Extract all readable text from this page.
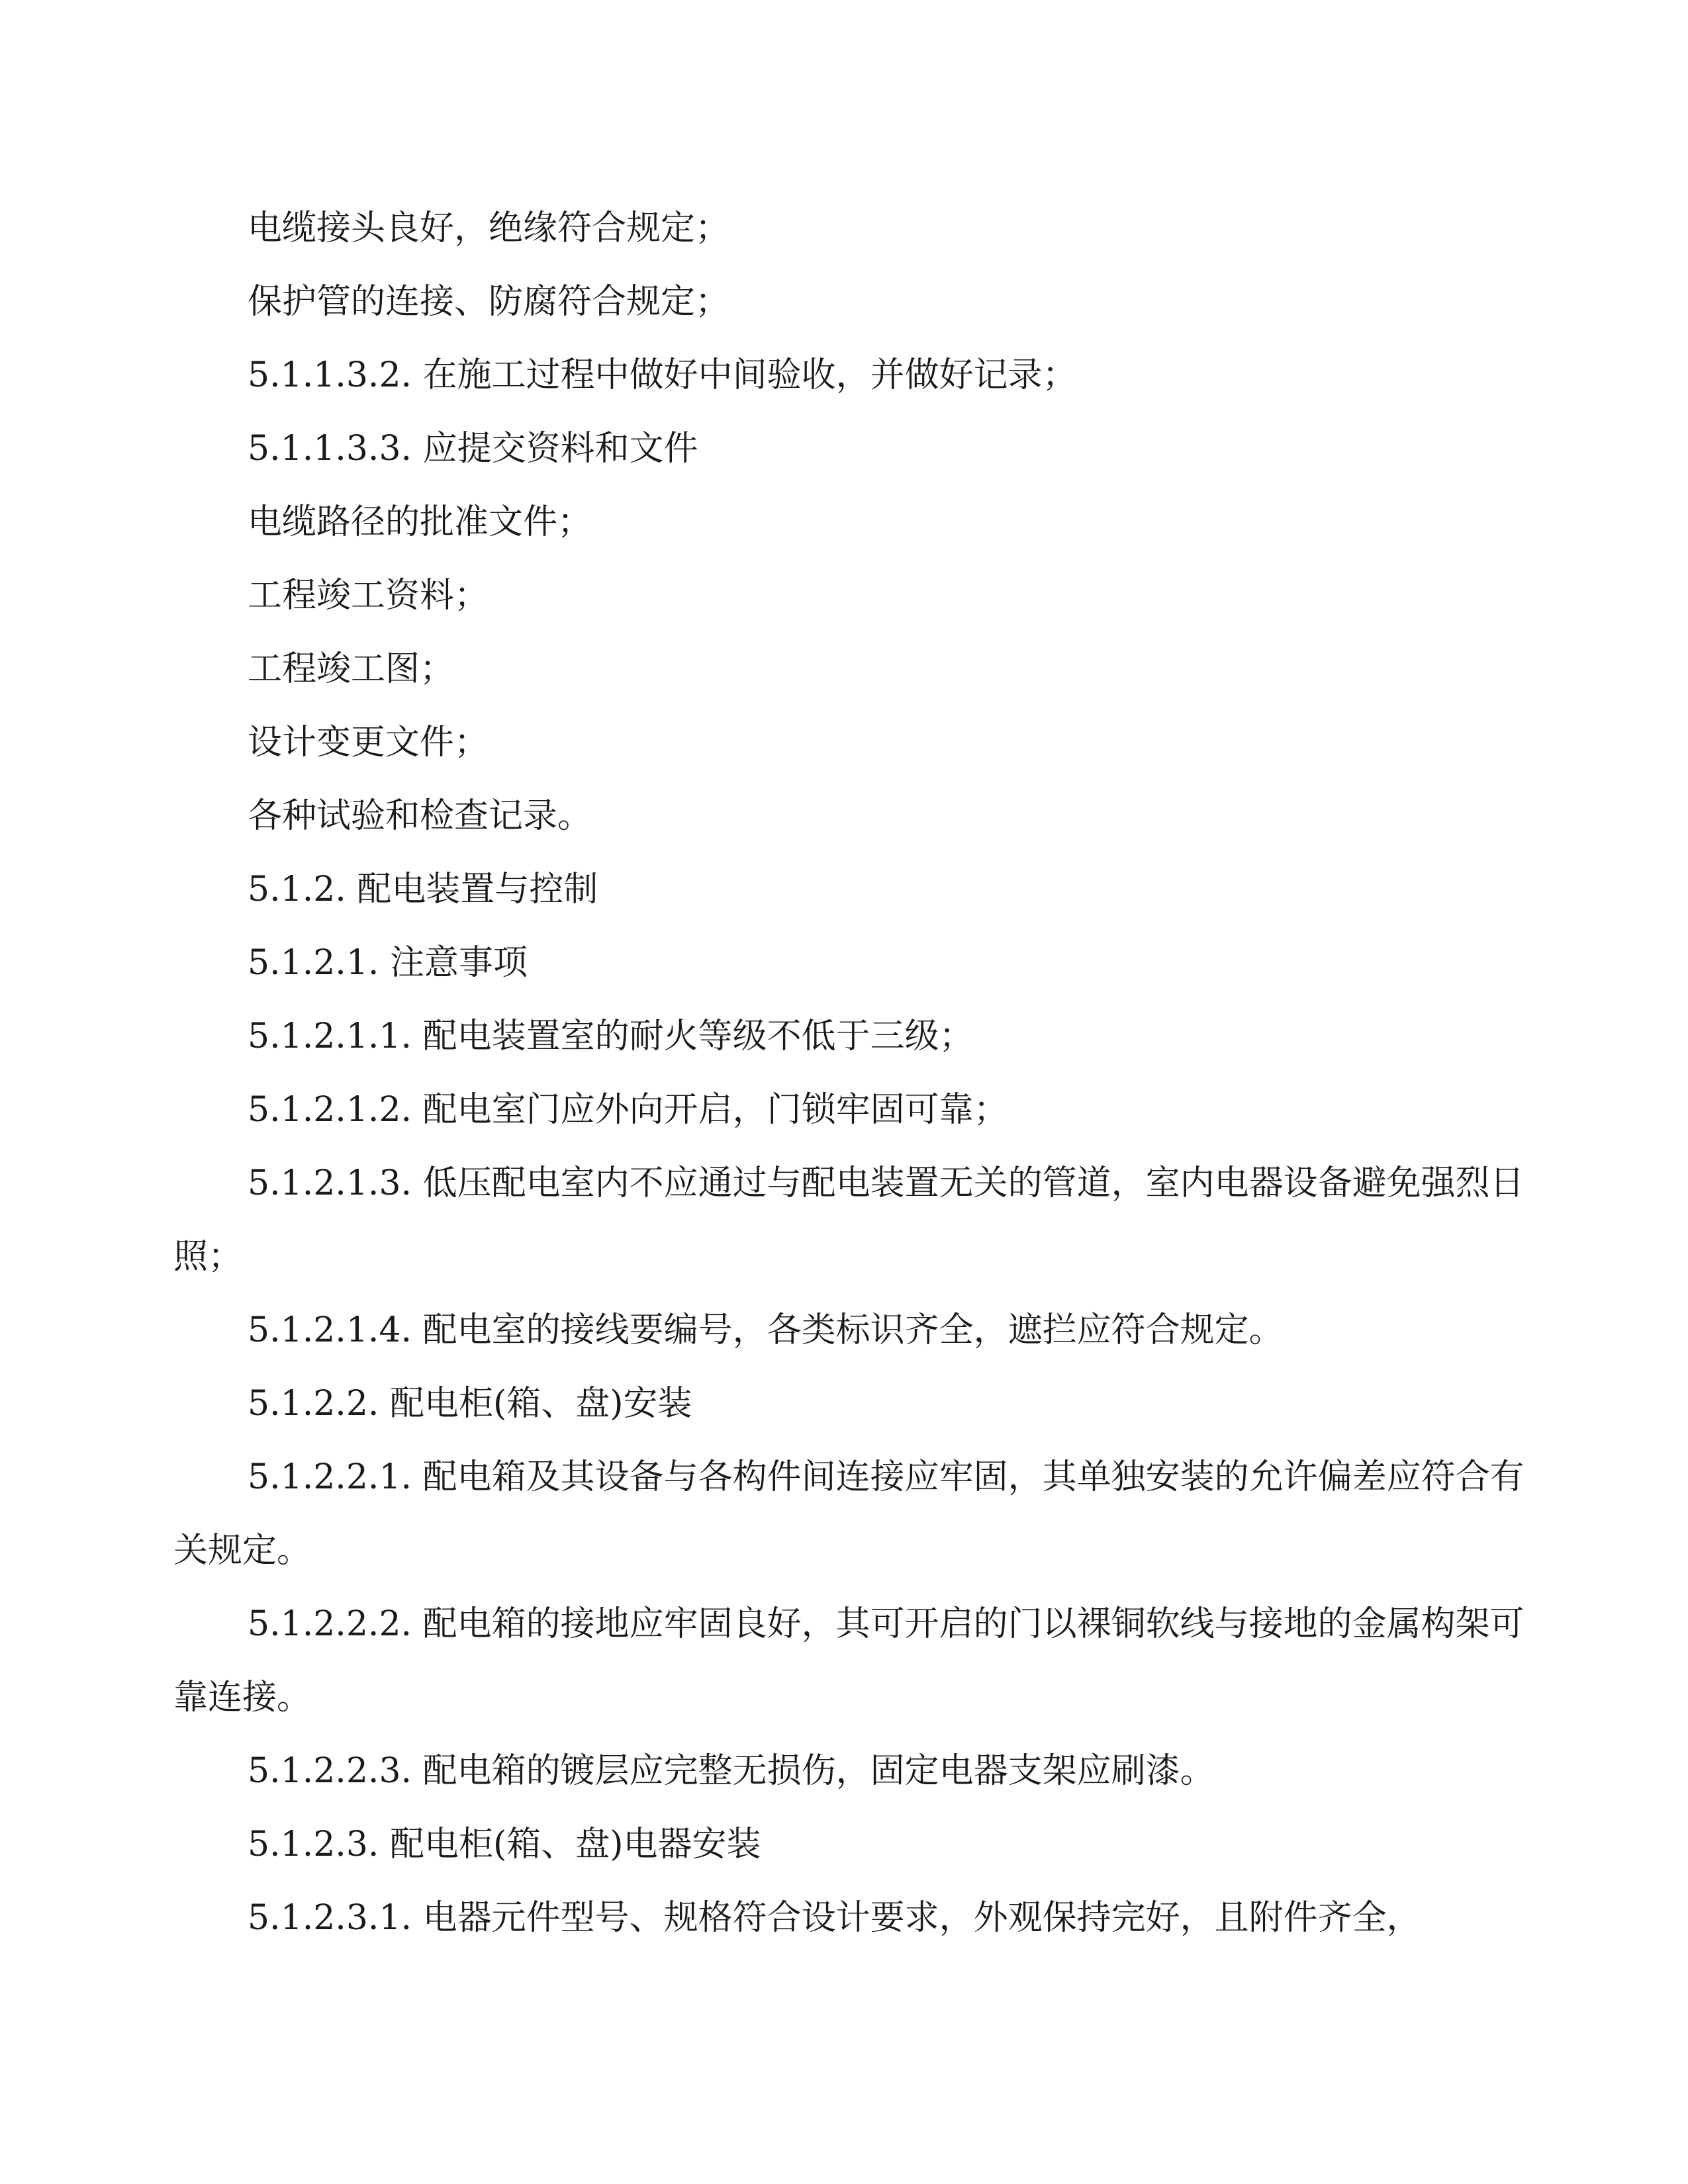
电缆接头良好，绝缘符合规定；

保护管的连接、防腐符合规定；

5.1.1.3.2. 在施工过程中做好中间验收，并做好记录；

5.1.1.3.3. 应提交资料和文件

电缆路径的批准文件；

工程竣工资料；

工程竣工图；

设计变更文件；

各种试验和检查记录。

5.1.2. 配电装置与控制

5.1.2.1. 注意事项

5.1.2.1.1. 配电装置室的耐火等级不低于三级；

5.1.2.1.2. 配电室门应外向开启，门锁牢固可靠；

5.1.2.1.3. 低压配电室内不应通过与配电装置无关的管道，室内电器设备避免强烈日照；

5.1.2.1.4. 配电室的接线要编号，各类标识齐全，遮拦应符合规定。

5.1.2.2. 配电柜(箱、盘)安装

5.1.2.2.1. 配电箱及其设备与各构件间连接应牢固，其单独安装的允许偏差应符合有关规定。

5.1.2.2.2. 配电箱的接地应牢固良好，其可开启的门以裸铜软线与接地的金属构架可靠连接。

5.1.2.2.3. 配电箱的镀层应完整无损伤，固定电器支架应刷漆。

5.1.2.3. 配电柜(箱、盘)电器安装

5.1.2.3.1. 电器元件型号、规格符合设计要求，外观保持完好，且附件齐全，
